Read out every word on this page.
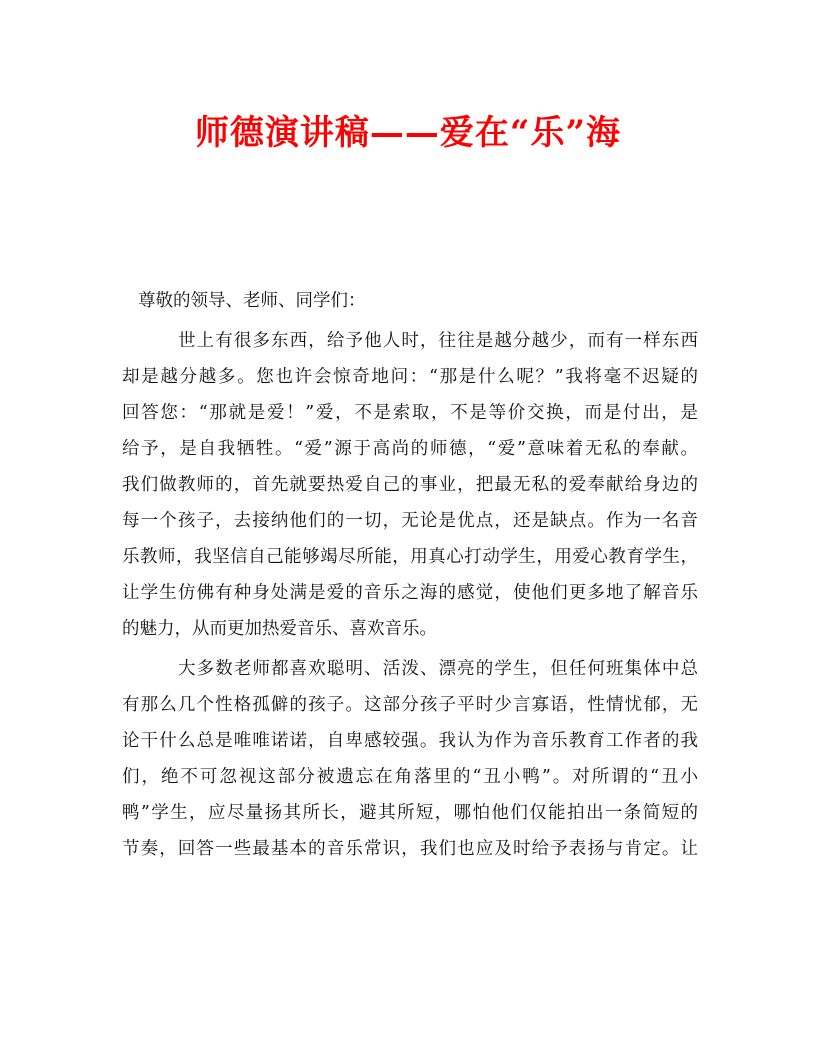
师德演讲稿——爱在“乐”海

尊敬的领导、老师、同学们：

世上有很多东西，给予他人时，往往是越分越少，而有一样东西

却是越分越多。您也许会惊奇地问：“那是什么呢？”我将毫不迟疑的

回答您：“那就是爱！”爱，不是索取，不是等价交换，而是付出，是

给予，是自我牺牲。“爱”源于高尚的师德，“爱”意味着无私的奉献。

我们做教师的，首先就要热爱自己的事业，把最无私的爱奉献给身边的

每一个孩子，去接纳他们的一切，无论是优点，还是缺点。作为一名音

乐教师，我坚信自己能够竭尽所能，用真心打动学生，用爱心教育学生，

让学生仿佛有种身处满是爱的音乐之海的感觉，使他们更多地了解音乐

的魅力，从而更加热爱音乐、喜欢音乐。

大多数老师都喜欢聪明、活泼、漂亮的学生，但任何班集体中总

有那么几个性格孤僻的孩子。这部分孩子平时少言寡语，性情忧郁，无

论干什么总是唯唯诺诺，自卑感较强。我认为作为音乐教育工作者的我

们，绝不可忽视这部分被遗忘在角落里的“丑小鸭”。对所谓的“丑小

鸭”学生，应尽量扬其所长，避其所短，哪怕他们仅能拍出一条简短的

节奏，回答一些最基本的音乐常识，我们也应及时给予表扬与肯定。让
